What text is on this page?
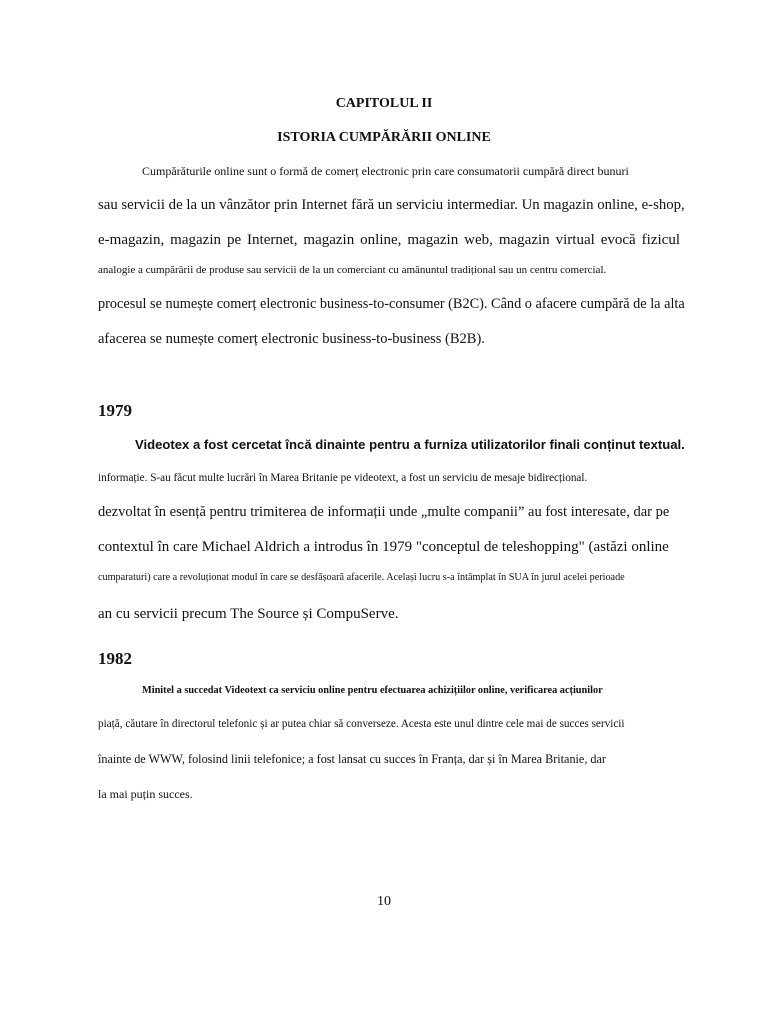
CAPITOLUL II
ISTORIA CUMPĂRĂRII ONLINE
Cumpărăturile online sunt o formă de comerț electronic prin care consumatorii cumpără direct bunuri
sau servicii de la un vânzător prin Internet fără un serviciu intermediar. Un magazin online, e-shop,
e-magazin, magazin pe Internet, magazin online, magazin web, magazin virtual evocă fizicul
analogie a cumpărării de produse sau servicii de la un comerciant cu amănuntul tradițional sau un centru comercial.
procesul se numește comerț electronic business-to-consumer (B2C). Când o afacere cumpără de la alta
afacerea se numește comerț electronic business-to-business (B2B).
1979
Videotex a fost cercetat încă dinainte pentru a furniza utilizatorilor finali conținut textual.
informație. S-au făcut multe lucrări în Marea Britanie pe videotext, a fost un serviciu de mesaje bidirecțional.
dezvoltat în esență pentru trimiterea de informații unde „multe companii” au fost interesate, dar pe
contextul în care Michael Aldrich a introdus în 1979 "conceptul de teleshopping" (astăzi online
cumparaturi) care a revoluționat modul în care se desfășoară afacerile. Același lucru s-a întâmplat în SUA în jurul acelei perioade
an cu servicii precum The Source și CompuServe.
1982
Minitel a succedat Videotext ca serviciu online pentru efectuarea achizițiilor online, verificarea acțiunilor
piață, căutare în directorul telefonic și ar putea chiar să converseze. Acesta este unul dintre cele mai de succes servicii
înainte de WWW, folosind linii telefonice; a fost lansat cu succes în Franța, dar și în Marea Britanie, dar
la mai puțin succes.
10
